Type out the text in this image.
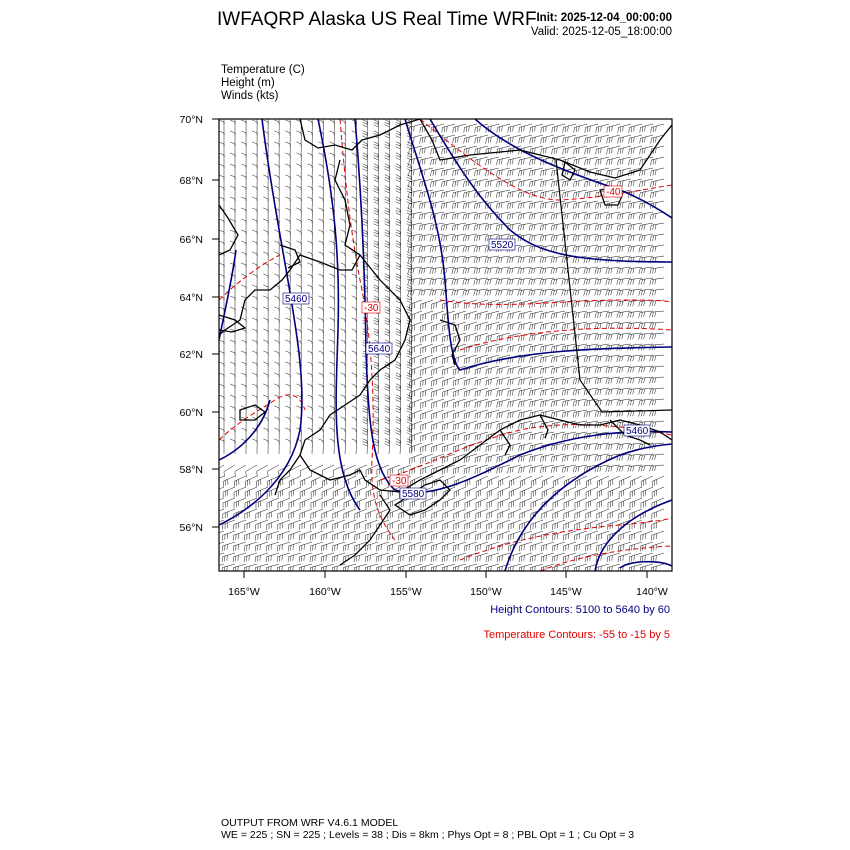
IWFAQRP Alaska US Real Time WRF Init: 2025-12-04_00:00:00
Valid: 2025-12-05_18:00:00
Temperature (C)
Height (m)
Winds (kts)
5520
5460
5640
5580
5460
-30
-30
-40
70°N
68°N
66°N
64°N
62°N
60°N
58°N
56°N
165°W	160°W	155°W	150°W	145°W	140°W
Height Contours: 5100 to 5640 by 60
Temperature Contours: -55 to -15 by 5
OUTPUT FROM WRF V4.6.1 MODEL
WE = 225 ; SN = 225 ; Levels = 38 ; Dis = 8km ; Phys Opt = 8 ; PBL Opt = 1 ; Cu Opt = 3
